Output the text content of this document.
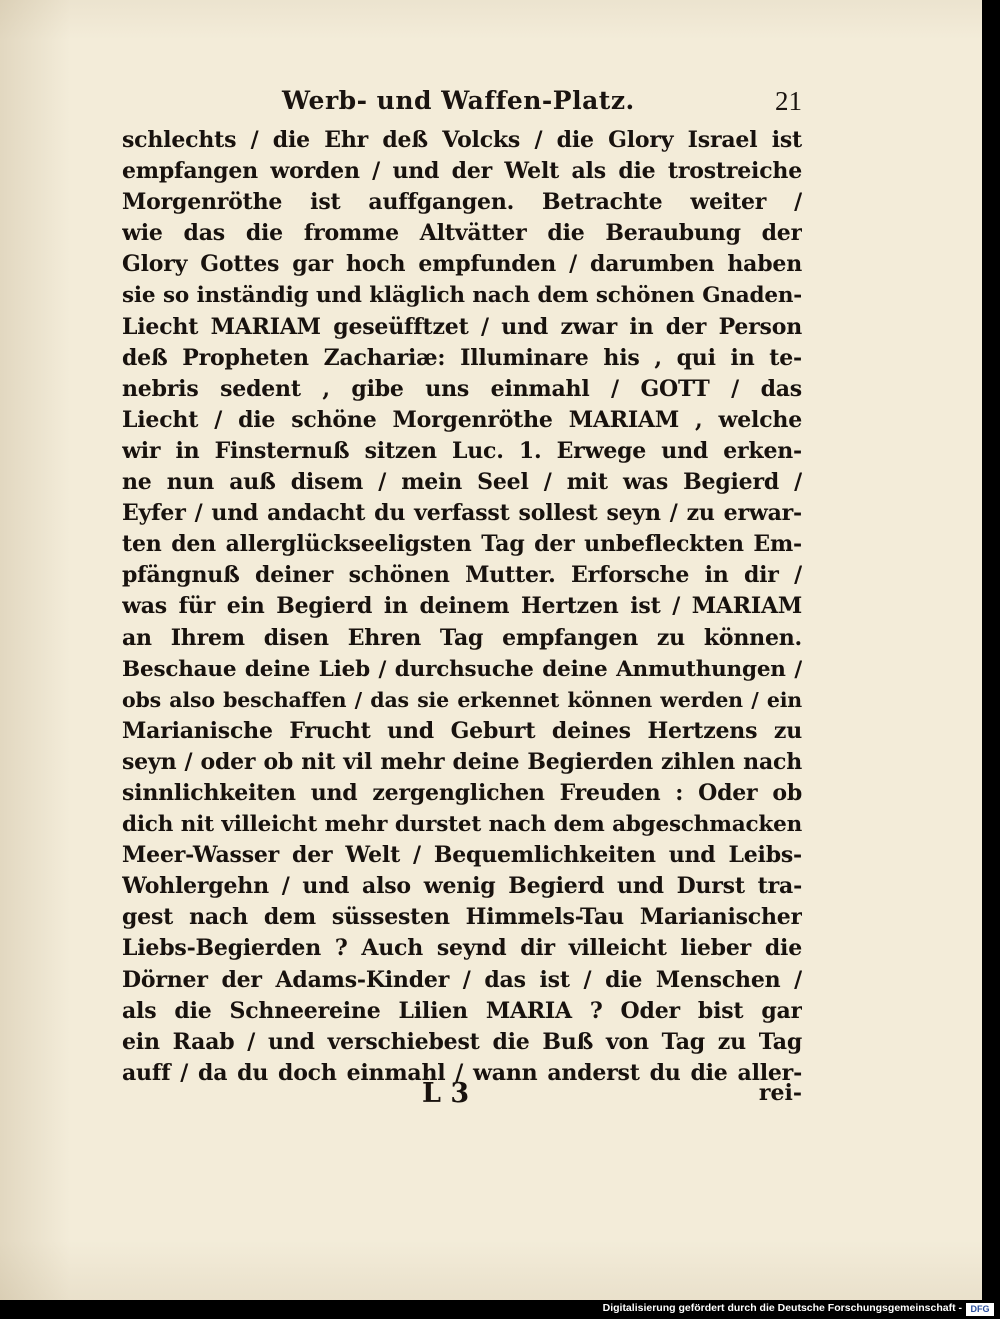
Werb- und Waffen-Platz.	21
schlechts / die Ehr deß Volcks / die Glory Israel ist
empfangen worden / und der Welt als die trostreiche
Morgenröthe ist auffgangen. Betrachte weiter /
wie das die fromme Altvätter die Beraubung der
Glory Gottes gar hoch empfunden / darumben haben
sie so inständig und kläglich nach dem schönen Gnaden-
Liecht MARIAM geseüfftzet / und zwar in der Person
deß Propheten Zachariæ: Illuminare his , qui in te-
nebris sedent , gibe uns einmahl / GOTT / das
Liecht / die schöne Morgenröthe MARIAM , welche
wir in Finsternuß sitzen Luc. 1. Erwege und erken-
ne nun auß disem / mein Seel / mit was Begierd /
Eyfer / und andacht du verfasst sollest seyn / zu erwar-
ten den allerglückseeligsten Tag der unbefleckten Em-
pfängnuß deiner schönen Mutter. Erforsche in dir /
was für ein Begierd in deinem Hertzen ist / MARIAM
an Ihrem disen Ehren Tag empfangen zu können.
Beschaue deine Lieb / durchsuche deine Anmuthungen /
obs also beschaffen / das sie erkennet können werden / ein
Marianische Frucht und Geburt deines Hertzens zu
seyn / oder ob nit vil mehr deine Begierden zihlen nach
sinnlichkeiten und zergenglichen Freuden : Oder ob
dich nit villeicht mehr durstet nach dem abgeschmacken
Meer-Wasser der Welt / Bequemlichkeiten und Leibs-
Wohlergehn / und also wenig Begierd und Durst tra-
gest nach dem süssesten Himmels-Tau Marianischer
Liebs-Begierden ? Auch seynd dir villeicht lieber die
Dörner der Adams-Kinder / das ist / die Menschen /
als die Schneereine Lilien MARIA ? Oder bist gar
ein Raab / und verschiebest die Buß von Tag zu Tag
auff / da du doch einmahl / wann anderst du die aller-
L 3	rei-
Digitalisierung gefördert durch die Deutsche Forschungsgemeinschaft - DFG
